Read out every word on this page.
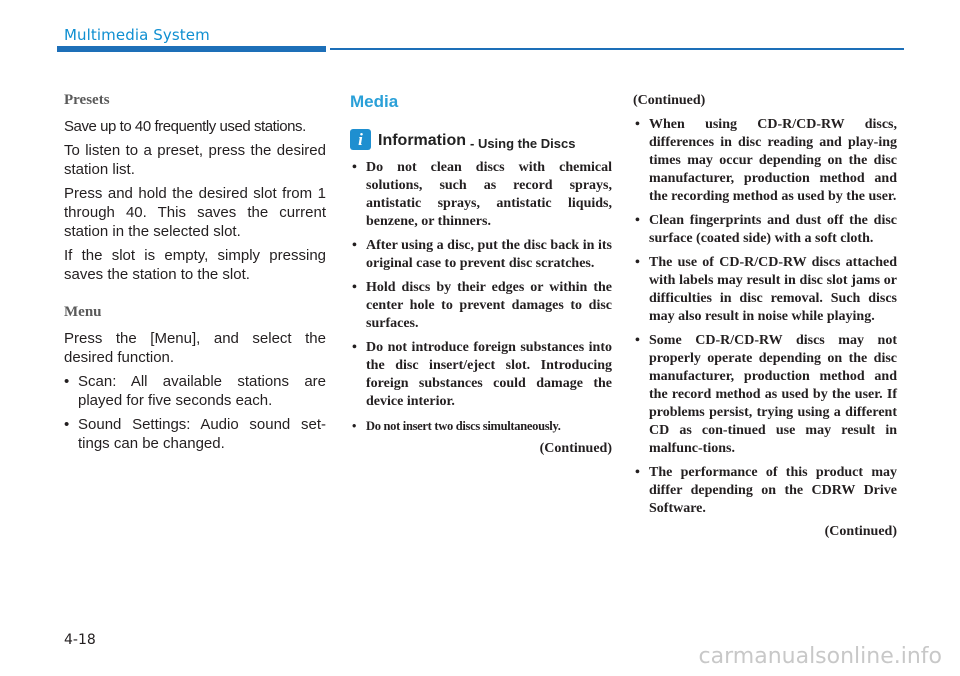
Multimedia System
Presets

Save up to 40 frequently used stations.

To listen to a preset, press the desired station list.

Press and hold the desired slot from 1 through 40. This saves the current station in the selected slot.

If the slot is empty, simply pressing saves the station to the slot.

Menu

Press the [Menu], and select the desired function.

• Scan: All available stations are played for five seconds each.
• Sound Settings: Audio sound set-tings can be changed.
Media
i Information - Using the Discs
• Do not clean discs with chemical solutions, such as record sprays, antistatic sprays, antistatic liquids, benzene, or thinners.
• After using a disc, put the disc back in its original case to prevent disc scratches.
• Hold discs by their edges or within the center hole to prevent damages to disc surfaces.
• Do not introduce foreign substances into the disc insert/eject slot. Introducing foreign substances could damage the device interior.
• Do not insert two discs simultaneously.
(Continued)
(Continued)
• When using CD-R/CD-RW discs, differences in disc reading and play-ing times may occur depending on the disc manufacturer, production method and the recording method as used by the user.
• Clean fingerprints and dust off the disc surface (coated side) with a soft cloth.
• The use of CD-R/CD-RW discs attached with labels may result in disc slot jams or difficulties in disc removal. Such discs may also result in noise while playing.
• Some CD-R/CD-RW discs may not properly operate depending on the disc manufacturer, production method and the record method as used by the user. If problems persist, trying using a different CD as con-tinued use may result in malfunc-tions.
• The performance of this product may differ depending on the CDRW Drive Software.
(Continued)
4-18
carmanualsonline.info
